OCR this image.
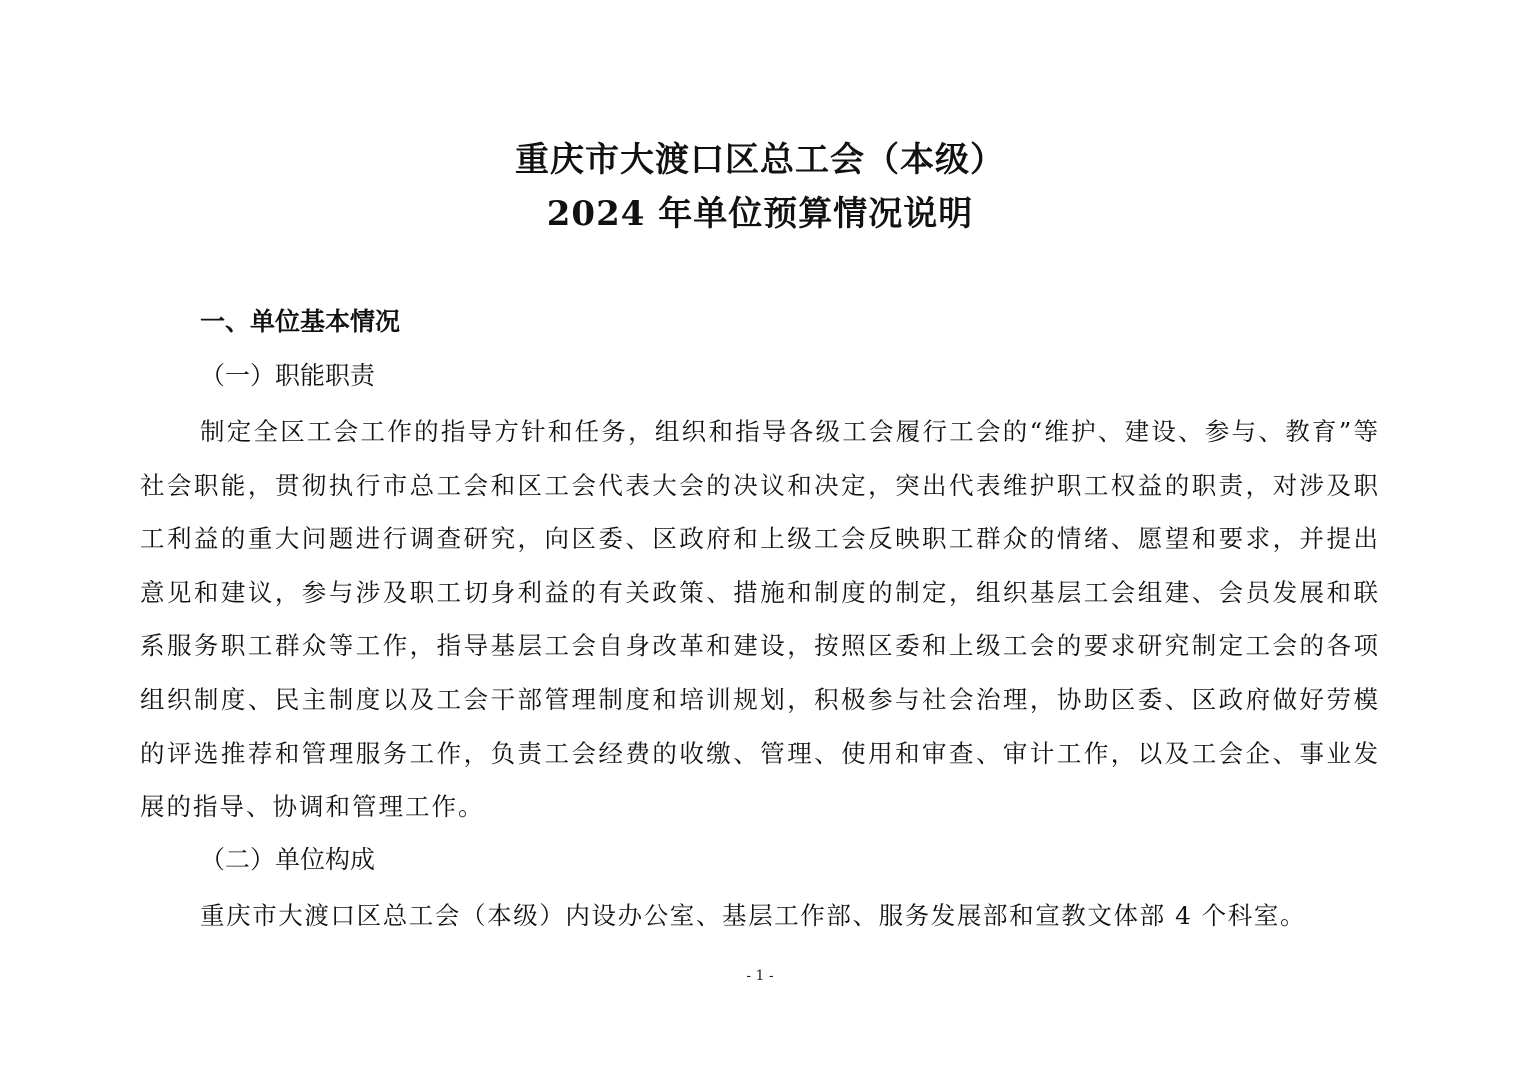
重庆市大渡口区总工会（本级）
2024 年单位预算情况说明
一、单位基本情况
（一）职能职责

制定全区工会工作的指导方针和任务，组织和指导各级工会履行工会的“维护、建设、参与、教育”等社会职能，贯彻执行市总工会和区工会代表大会的决议和决定，突出代表维护职工权益的职责，对涉及职工利益的重大问题进行调查研究，向区委、区政府和上级工会反映职工群众的情绪、愿望和要求，并提出意见和建议，参与涉及职工切身利益的有关政策、措施和制度的制定，组织基层工会组建、会员发展和联系服务职工群众等工作，指导基层工会自身改革和建设，按照区委和上级工会的要求研究制定工会的各项组织制度、民主制度以及工会干部管理制度和培训规划，积极参与社会治理，协助区委、区政府做好劳模的评选推荐和管理服务工作，负责工会经费的收缴、管理、使用和审查、审计工作，以及工会企、事业发展的指导、协调和管理工作。

（二）单位构成

重庆市大渡口区总工会（本级）内设办公室、基层工作部、服务发展部和宣教文体部 4 个科室。

- 1 -
